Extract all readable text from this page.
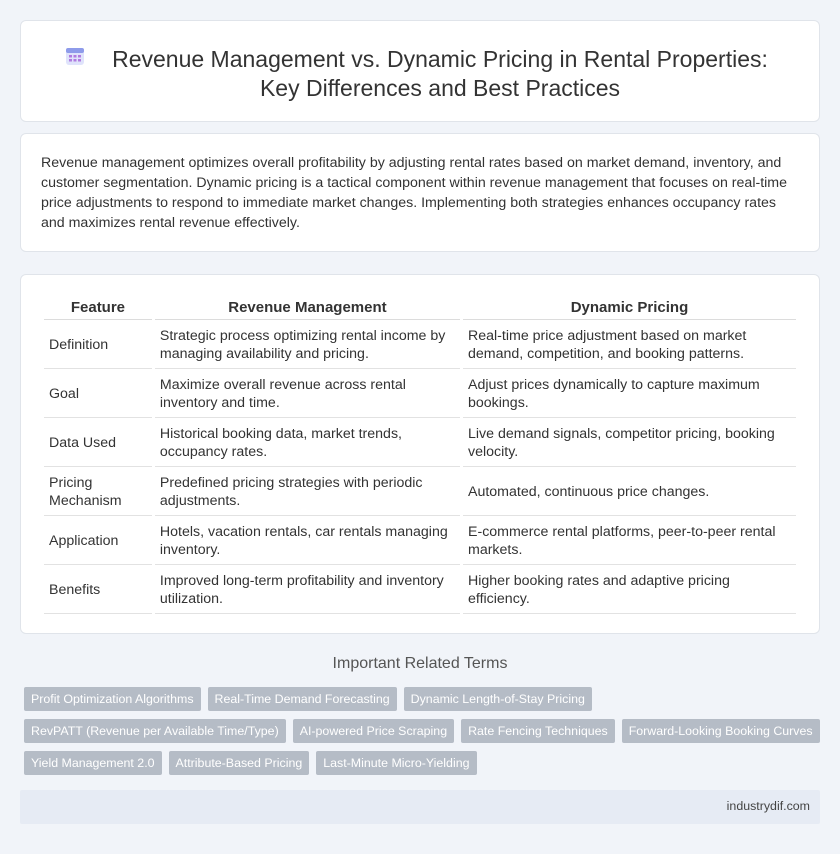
Revenue Management vs. Dynamic Pricing in Rental Properties: Key Differences and Best Practices

Revenue management optimizes overall profitability by adjusting rental rates based on market demand, inventory, and customer segmentation. Dynamic pricing is a tactical component within revenue management that focuses on real-time price adjustments to respond to immediate market changes. Implementing both strategies enhances occupancy rates and maximizes rental revenue effectively.

Feature	Revenue Management	Dynamic Pricing
Definition	Strategic process optimizing rental income by managing availability and pricing.	Real-time price adjustment based on market demand, competition, and booking patterns.
Goal	Maximize overall revenue across rental inventory and time.	Adjust prices dynamically to capture maximum bookings.
Data Used	Historical booking data, market trends, occupancy rates.	Live demand signals, competitor pricing, booking velocity.
Pricing Mechanism	Predefined pricing strategies with periodic adjustments.	Automated, continuous price changes.
Application	Hotels, vacation rentals, car rentals managing inventory.	E-commerce rental platforms, peer-to-peer rental markets.
Benefits	Improved long-term profitability and inventory utilization.	Higher booking rates and adaptive pricing efficiency.
Important Related Terms
Profit Optimization Algorithms	Real-Time Demand Forecasting	Dynamic Length-of-Stay Pricing
RevPATT (Revenue per Available Time/Type)	AI-powered Price Scraping	Rate Fencing Techniques	Forward-Looking Booking Curves
Yield Management 2.0	Attribute-Based Pricing	Last-Minute Micro-Yielding
industrydif.com
